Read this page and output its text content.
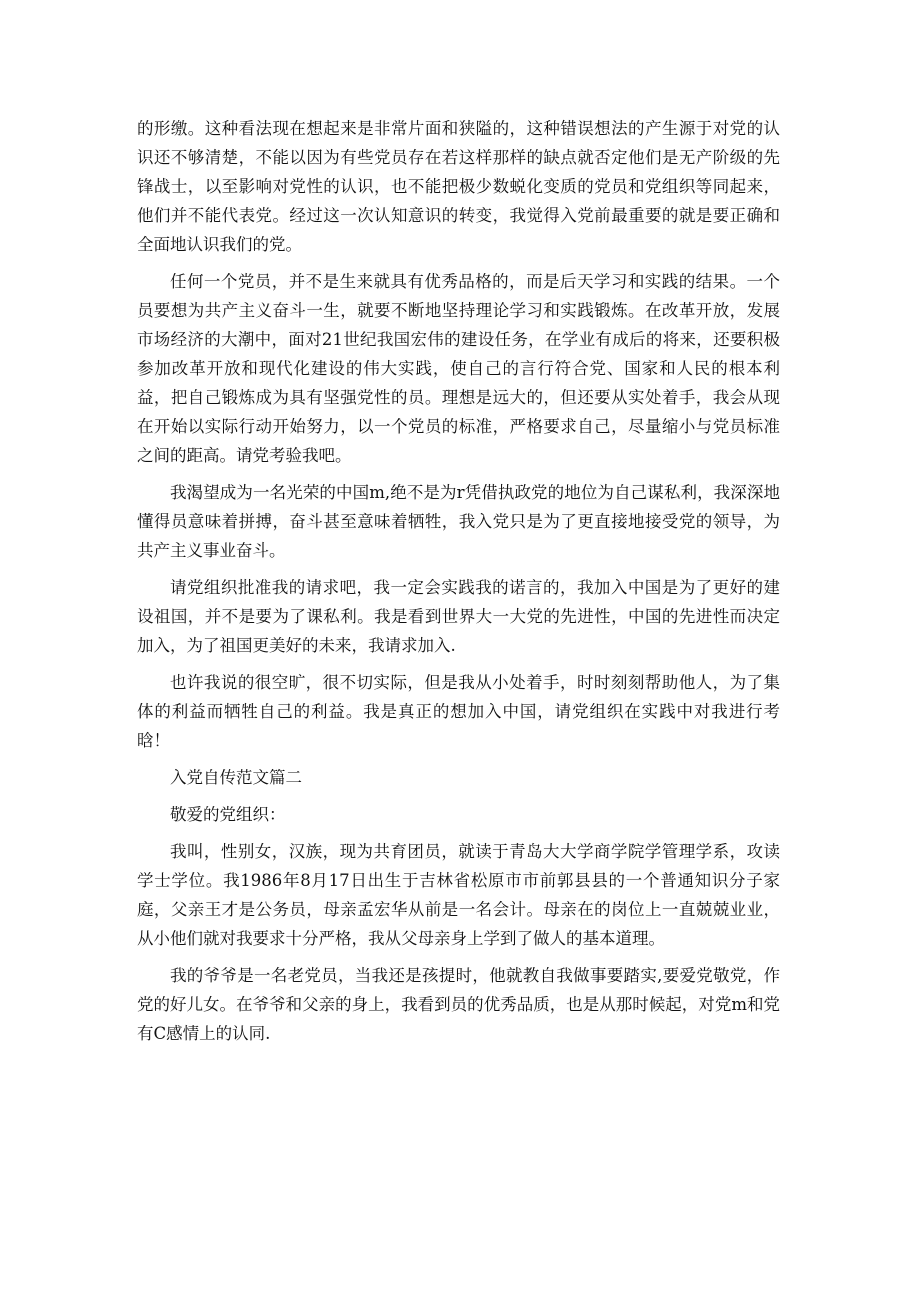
的形缴。这种看法现在想起来是非常片面和狭隘的，这种错误想法的产生源于对党的认识还不够清楚，不能以因为有些党员存在若这样那样的缺点就否定他们是无产阶级的先锋战士，以至影响对党性的认识，也不能把极少数蜕化变质的党员和党组织等同起来，他们并不能代表党。经过这一次认知意识的转变，我觉得入党前最重要的就是要正确和全面地认识我们的党。

任何一个党员，并不是生来就具有优秀品格的，而是后天学习和实践的结果。一个员要想为共产主义奋斗一生，就要不断地坚持理论学习和实践锻炼。在改革开放，发展市场经济的大潮中，面对21世纪我国宏伟的建设任务，在学业有成后的将来，还要积极参加改革开放和现代化建设的伟大实践，使自己的言行符合党、国家和人民的根本利益，把自己锻炼成为具有坚强党性的员。理想是远大的，但还要从实处着手，我会从现在开始以实际行动开始努力，以一个党员的标准，严格要求自己，尽量缩小与党员标准之间的距高。请党考验我吧。

我渴望成为一名光荣的中国m,绝不是为r凭借执政党的地位为自己谋私利，我深深地懂得员意味着拼搏，奋斗甚至意味着牺牲，我入党只是为了更直接地接受党的领导，为共产主义事业奋斗。

请党组织批准我的请求吧，我一定会实践我的诺言的，我加入中国是为了更好的建设祖国，并不是要为了课私利。我是看到世界大一大党的先进性，中国的先进性而决定加入，为了祖国更美好的未来，我请求加入.

也许我说的很空旷，很不切实际，但是我从小处着手，时时刻刻帮助他人，为了集体的利益而牺牲自己的利益。我是真正的想加入中国，请党组织在实践中对我进行考晗！

入党自传范文篇二

敬爱的党组织：

我叫，性别女，汉族，现为共育团员，就读于青岛大大学商学院学管理学系，攻读学士学位。我1986年8月17日出生于吉林省松原市市前郭县县的一个普通知识分子家庭，父亲王才是公务员，母亲孟宏华从前是一名会计。母亲在的岗位上一直兢兢业业，从小他们就对我要求十分严格，我从父母亲身上学到了做人的基本道理。

我的爷爷是一名老党员，当我还是孩提时，他就教自我做事要踏实,要爱党敬党，作党的好儿女。在爷爷和父亲的身上，我看到员的优秀品质，也是从那时候起，对党m和党有C感情上的认同.
